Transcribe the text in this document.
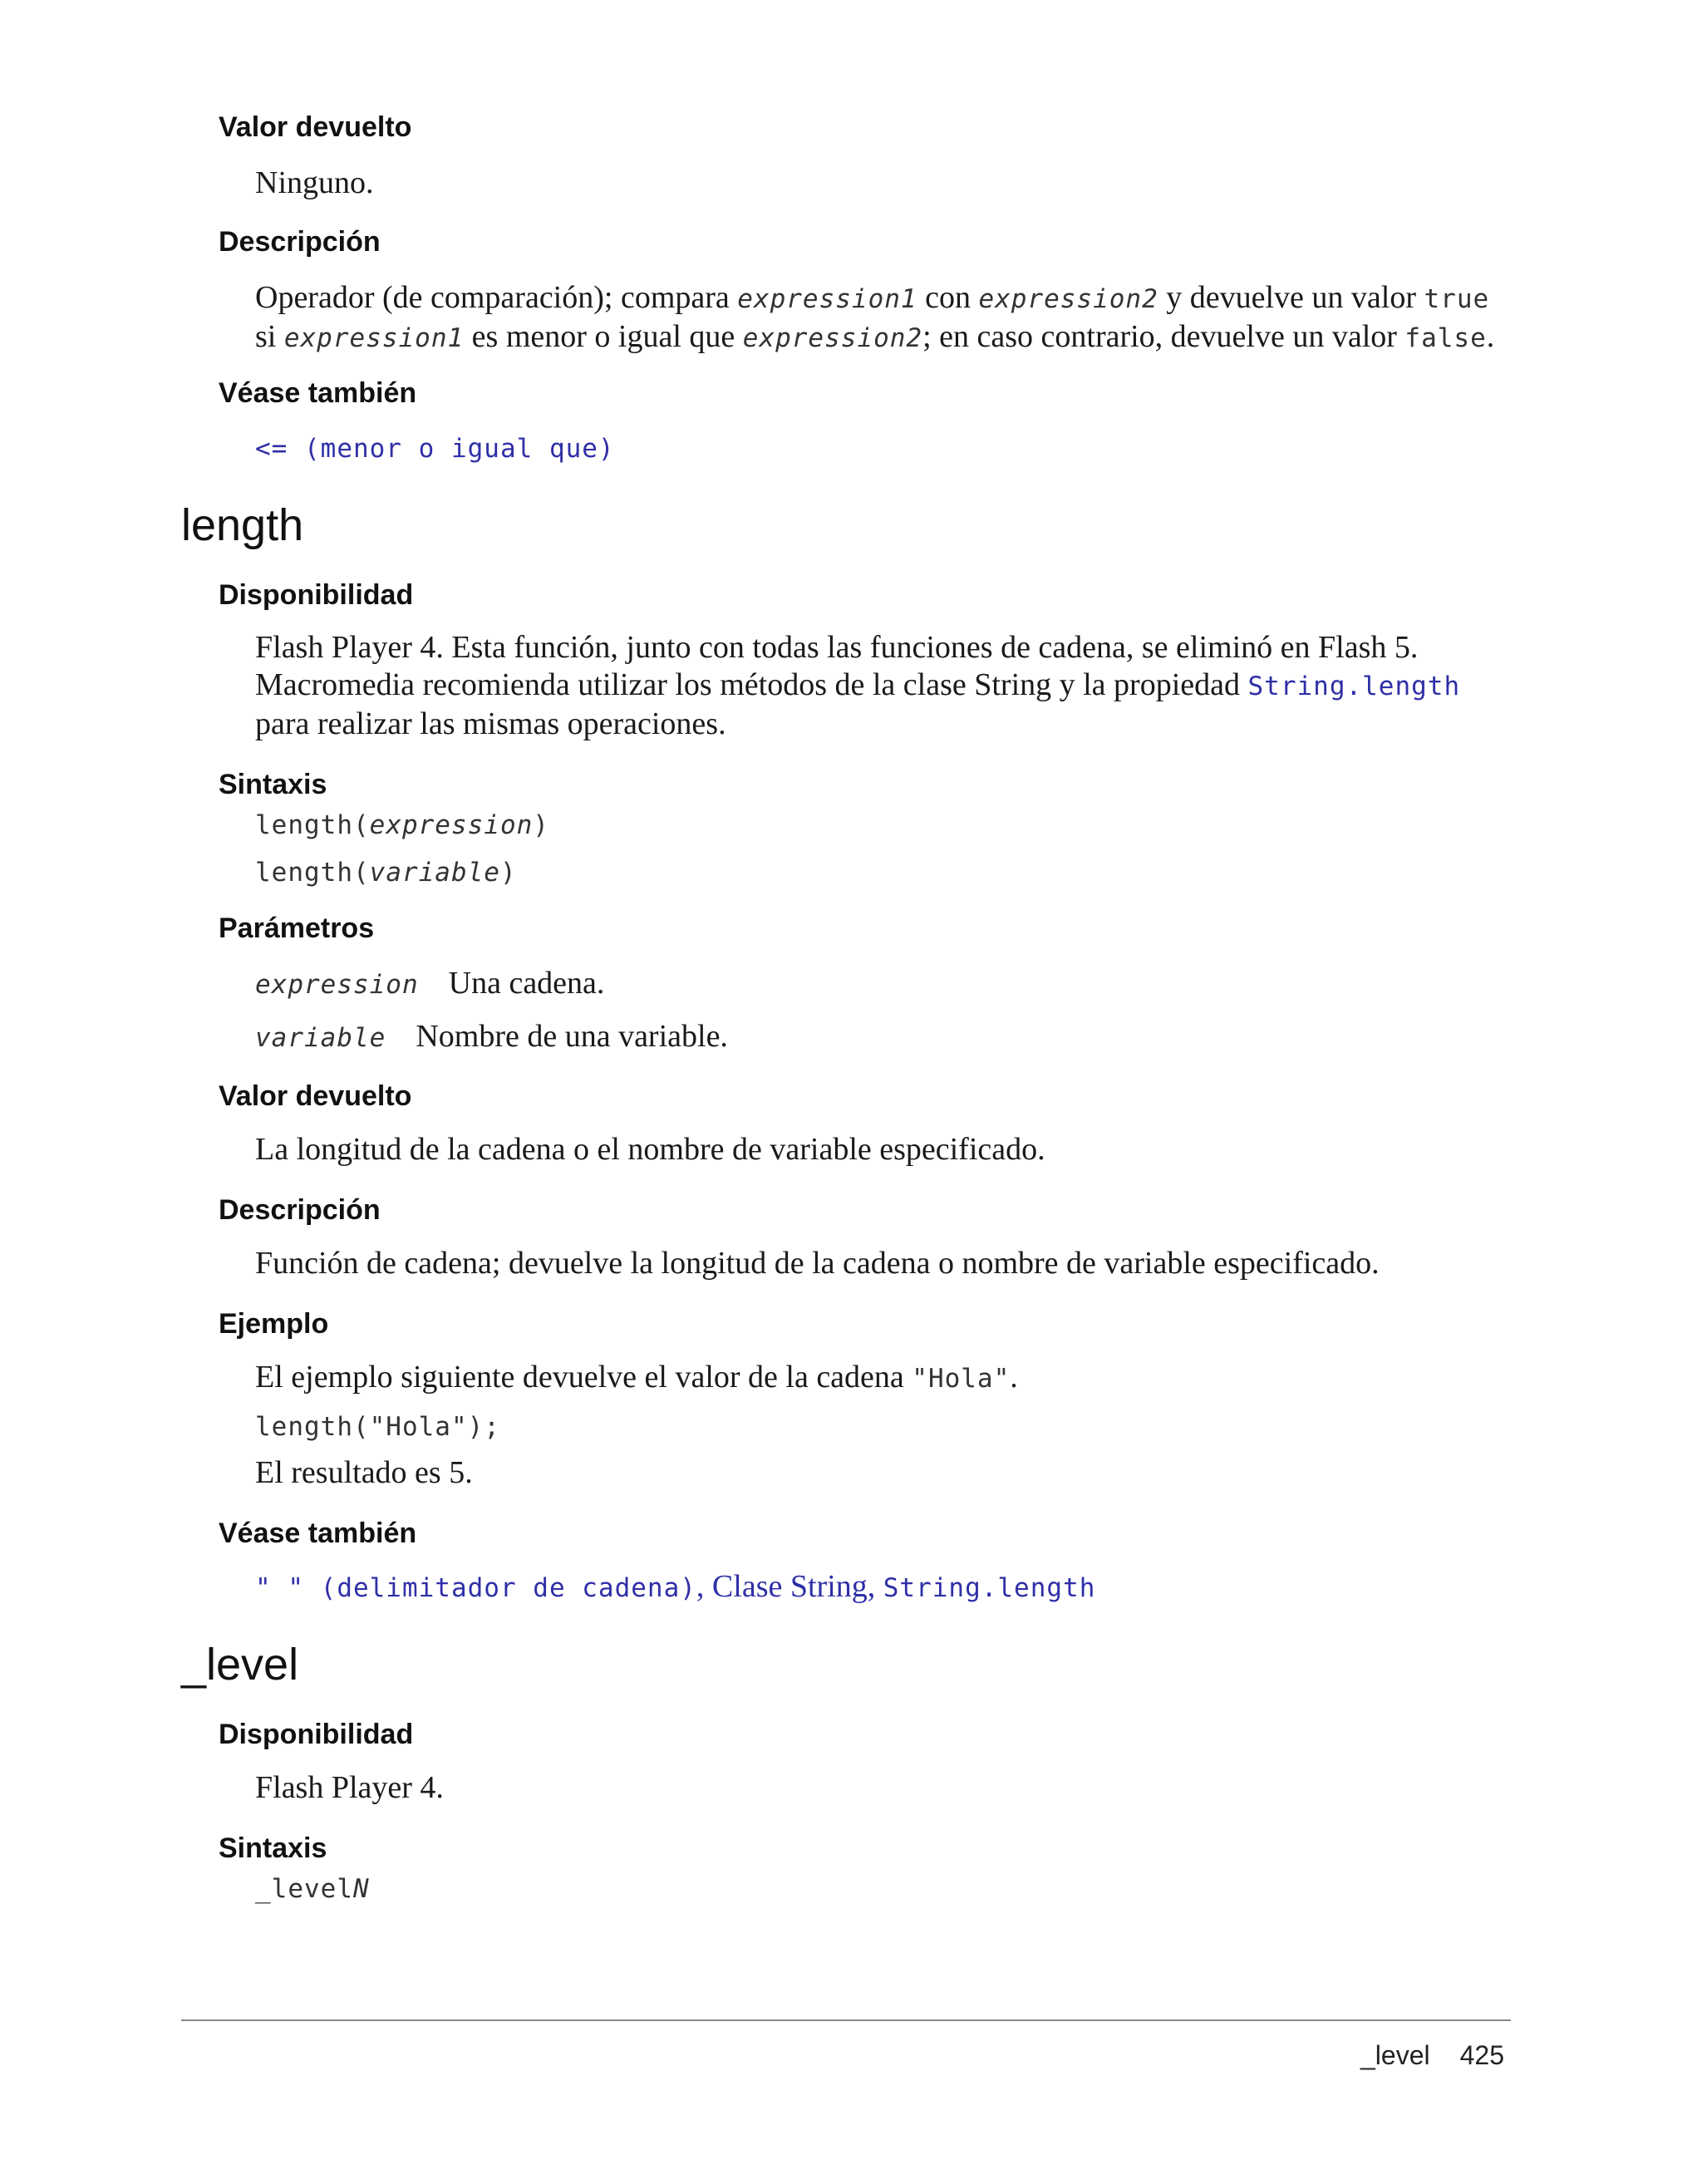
Valor devuelto

Ninguno.

Descripción

Operador (de comparación); compara expression1 con expression2 y devuelve un valor true
si expression1 es menor o igual que expression2; en caso contrario, devuelve un valor false.

Véase también

<= (menor o igual que)

length
Disponibilidad

Flash Player 4. Esta función, junto con todas las funciones de cadena, se eliminó en Flash 5.
Macromedia recomienda utilizar los métodos de la clase String y la propiedad String.length
para realizar las mismas operaciones.

Sintaxis

length(expression)

length(variable)

Parámetros

expression Una cadena.

variable Nombre de una variable.

Valor devuelto

La longitud de la cadena o el nombre de variable especificado.

Descripción

Función de cadena; devuelve la longitud de la cadena o nombre de variable especificado.

Ejemplo

El ejemplo siguiente devuelve el valor de la cadena "Hola".

length("Hola");

El resultado es 5.

Véase también

" " (delimitador de cadena), Clase String, String.length

_level
Disponibilidad

Flash Player 4.

Sintaxis

_levelN

_level 425
